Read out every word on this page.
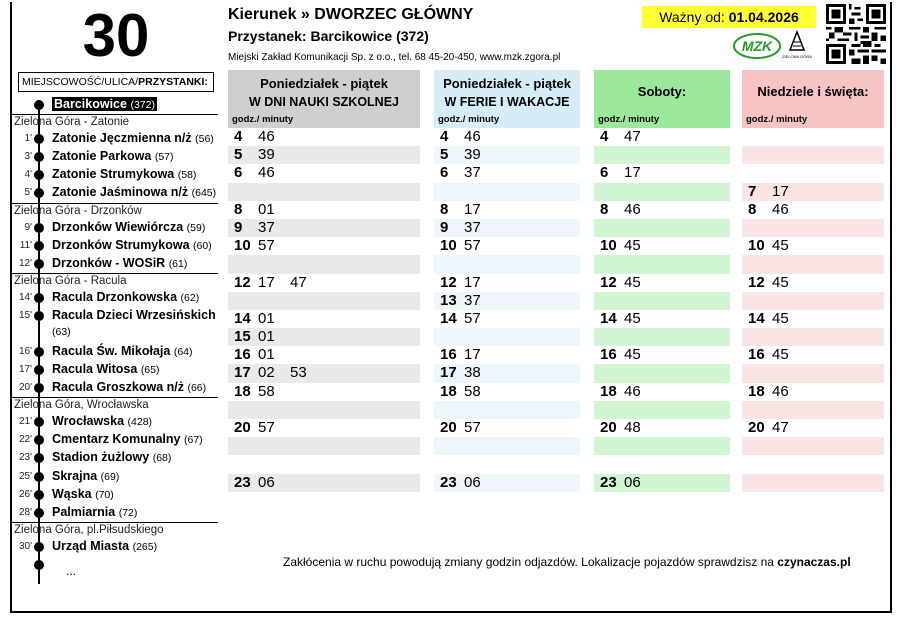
30
MIEJSCOWOŚĆ/ULICA/PRZYSTANKI:
Barcikowice (372)
Zielona Góra - Zatonie
1' Zatonie Jęczmienna n/ż (56)
3' Zatonie Parkowa (57)
4' Zatonie Strumykowa (58)
5' Zatonie Jaśminowa n/ż (645)
Zielona Góra - Drzonków
9' Drzonków Wiewiórcza (59)
11' Drzonków Strumykowa (60)
12' Drzonków - WOSiR (61)
Zielona Góra - Racula
14' Racula Drzonkowska (62)
15' Racula Dzieci Wrzesińskich
(63)
16' Racula Św. Mikołaja (64)
17' Racula Witosa (65)
20' Racula Groszkowa n/ż (66)
Zielona Góra, Wrocławska
21' Wrocławska (428)
22' Cmentarz Komunalny (67)
23' Stadion żużlowy (68)
25' Skrajna (69)
26' Wąska (70)
28' Palmiarnia (72)
Zielona Góra, pl.Piłsudskiego
30' Urząd Miasta (265)
...
Kierunek » DWORZEC GŁÓWNY
Przystanek: Barcikowice (372)
Miejski Zakład Komunikacji Sp. z o.o., tel. 68 45-20-450, www.mzk.zgora.pl
Ważny od: 01.04.2026
MZK
ZIELONA GÓRA
Poniedziałek - piątek
W DNI NAUKI SZKOLNEJ
godz./ minuty
4 46
5 39
6 46
8 01
9 37
10 57
12 17 47
14 01
15 01
16 01
17 02 53
18 58
20 57
23 06
Poniedziałek - piątek
W FERIE I WAKACJE
godz./ minuty
4 46
5 39
6 37
8 17
9 37
10 57
12 17
13 37
14 57
16 17
17 38
18 58
20 57
23 06
Soboty:
godz./ minuty
4 47
6 17
8 46
10 45
12 45
14 45
16 45
18 46
20 48
23 06
Niedziele i święta:
godz./ minuty
7 17
8 46
10 45
12 45
14 45
16 45
18 46
20 47
Zakłócenia w ruchu powodują zmiany godzin odjazdów. Lokalizacje pojazdów sprawdzisz na czynaczas.pl
